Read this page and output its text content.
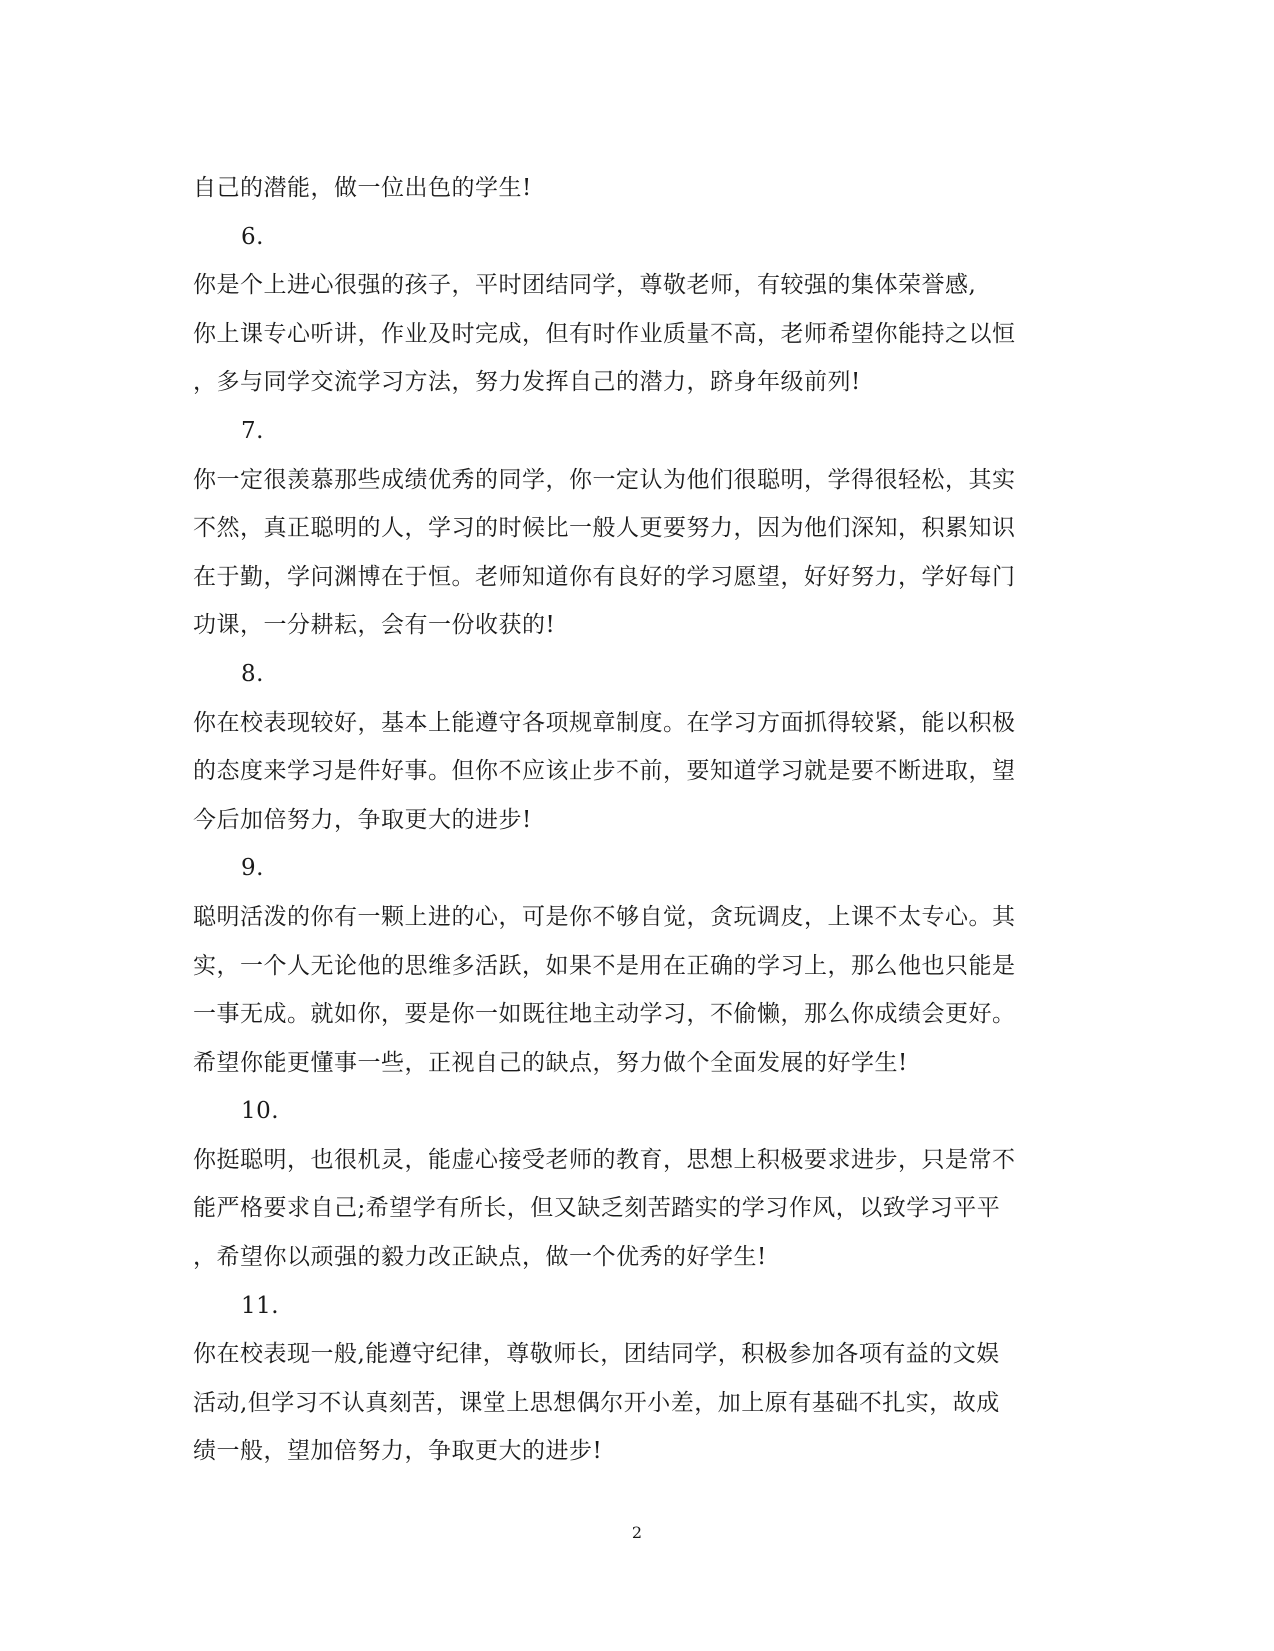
自己的潜能，做一位出色的学生!
6.
你是个上进心很强的孩子，平时团结同学，尊敬老师，有较强的集体荣誉感,
你上课专心听讲，作业及时完成，但有时作业质量不高，老师希望你能持之以恒
，多与同学交流学习方法，努力发挥自己的潜力，跻身年级前列!
7.
你一定很羡慕那些成绩优秀的同学，你一定认为他们很聪明，学得很轻松，其实
不然，真正聪明的人，学习的时候比一般人更要努力，因为他们深知，积累知识
在于勤，学问渊博在于恒。老师知道你有良好的学习愿望，好好努力，学好每门
功课，一分耕耘，会有一份收获的!
8.
你在校表现较好，基本上能遵守各项规章制度。在学习方面抓得较紧，能以积极
的态度来学习是件好事。但你不应该止步不前，要知道学习就是要不断进取，望
今后加倍努力，争取更大的进步!
9.
聪明活泼的你有一颗上进的心，可是你不够自觉，贪玩调皮，上课不太专心。其
实，一个人无论他的思维多活跃，如果不是用在正确的学习上，那么他也只能是
一事无成。就如你，要是你一如既往地主动学习，不偷懒，那么你成绩会更好。
希望你能更懂事一些，正视自己的缺点，努力做个全面发展的好学生!
10.
你挺聪明，也很机灵，能虚心接受老师的教育，思想上积极要求进步，只是常不
能严格要求自己;希望学有所长，但又缺乏刻苦踏实的学习作风，以致学习平平
，希望你以顽强的毅力改正缺点，做一个优秀的好学生!
11.
你在校表现一般,能遵守纪律，尊敬师长，团结同学，积极参加各项有益的文娱
活动,但学习不认真刻苦，课堂上思想偶尔开小差，加上原有基础不扎实，故成
绩一般，望加倍努力，争取更大的进步!
2
